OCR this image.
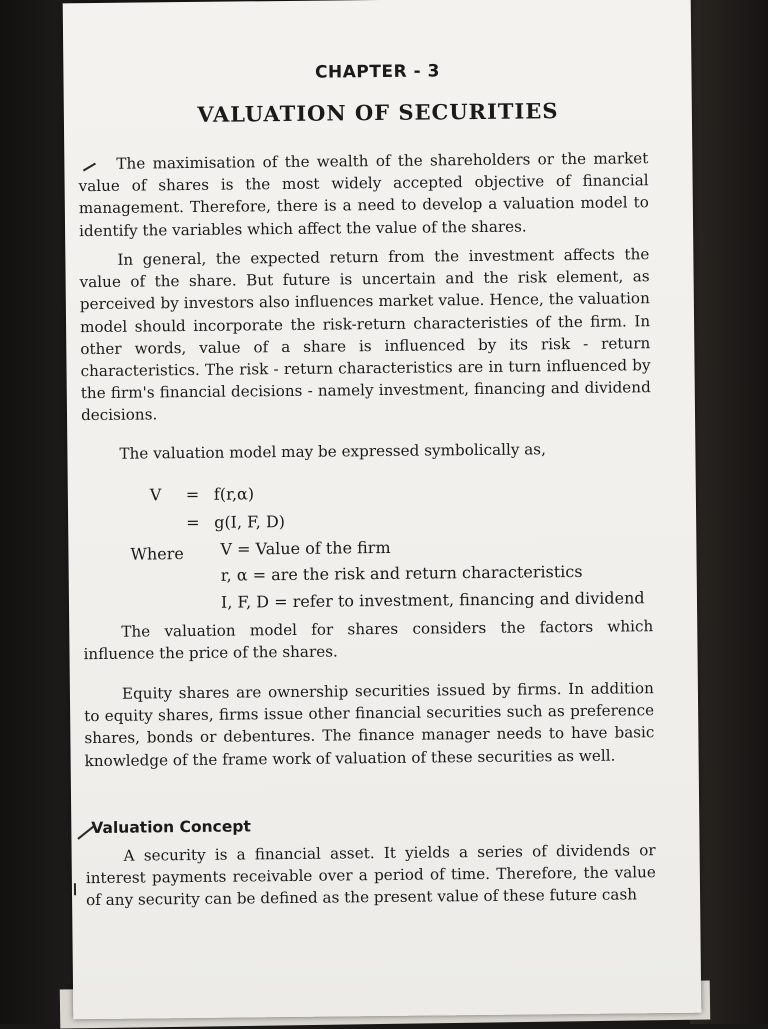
CHAPTER - 3
VALUATION OF SECURITIES
The maximisation of the wealth of the shareholders or the market value of shares is the most widely accepted objective of financial management. Therefore, there is a need to develop a valuation model to identify the variables which affect the value of the shares.
In general, the expected return from the investment affects the value of the share. But future is uncertain and the risk element, as perceived by investors also influences market value. Hence, the valuation model should incorporate the risk-return characteristies of the firm. In other words, value of a share is influenced by its risk - return characteristics. The risk - return characteristics are in turn influenced by the firm's financial decisions - namely investment, financing and dividend decisions.
The valuation model may be expressed symbolically as,
V = f(r,α)
= g(I, F, D)
Where V = Value of the firm
r, α = are the risk and return characteristics
I, F, D = refer to investment, financing and dividend
The valuation model for shares considers the factors which influence the price of the shares.
Equity shares are ownership securities issued by firms. In addition to equity shares, firms issue other financial securities such as preference shares, bonds or debentures. The finance manager needs to have basic knowledge of the frame work of valuation of these securities as well.
Valuation Concept
A security is a financial asset. It yields a series of dividends or interest payments receivable over a period of time. Therefore, the value of any security can be defined as the present value of these future cash
